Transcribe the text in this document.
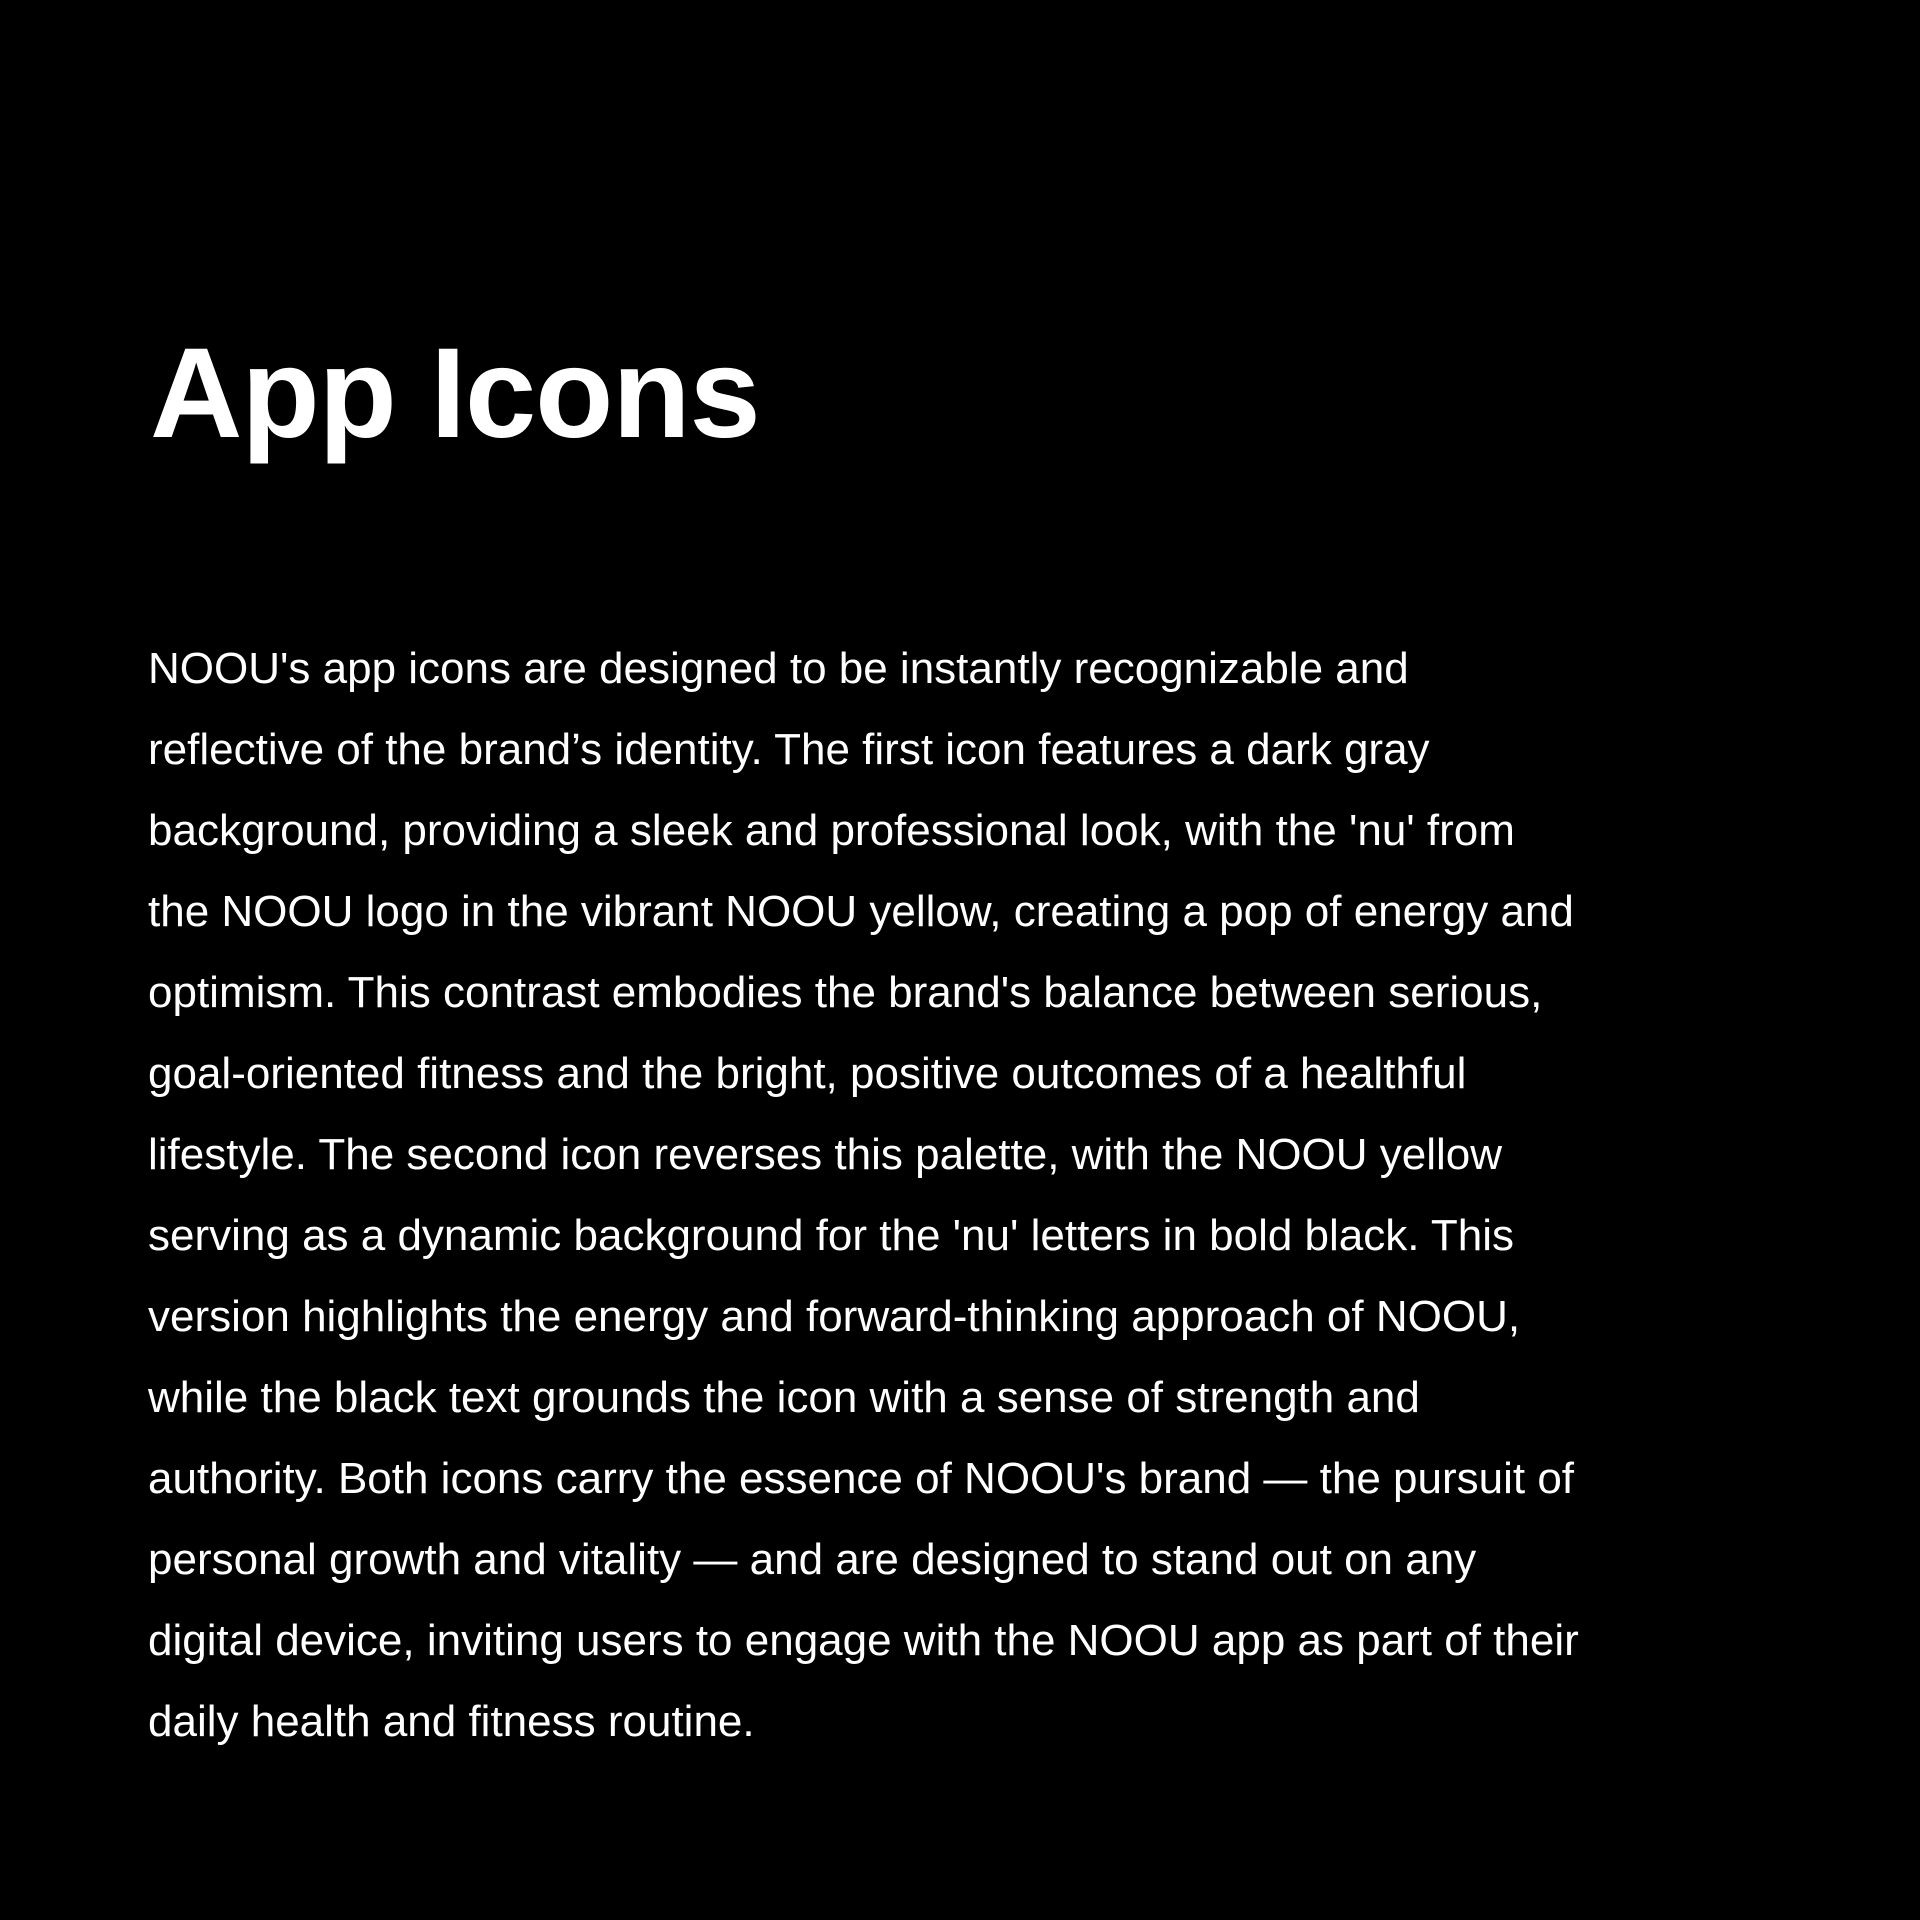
App Icons

NOOU's app icons are designed to be instantly recognizable and
reflective of the brand’s identity. The first icon features a dark gray
background, providing a sleek and professional look, with the 'nu' from
the NOOU logo in the vibrant NOOU yellow, creating a pop of energy and
optimism. This contrast embodies the brand's balance between serious,
goal-oriented fitness and the bright, positive outcomes of a healthful
lifestyle. The second icon reverses this palette, with the NOOU yellow
serving as a dynamic background for the 'nu' letters in bold black. This
version highlights the energy and forward-thinking approach of NOOU,
while the black text grounds the icon with a sense of strength and
authority. Both icons carry the essence of NOOU's brand — the pursuit of
personal growth and vitality — and are designed to stand out on any
digital device, inviting users to engage with the NOOU app as part of their
daily health and fitness routine.
